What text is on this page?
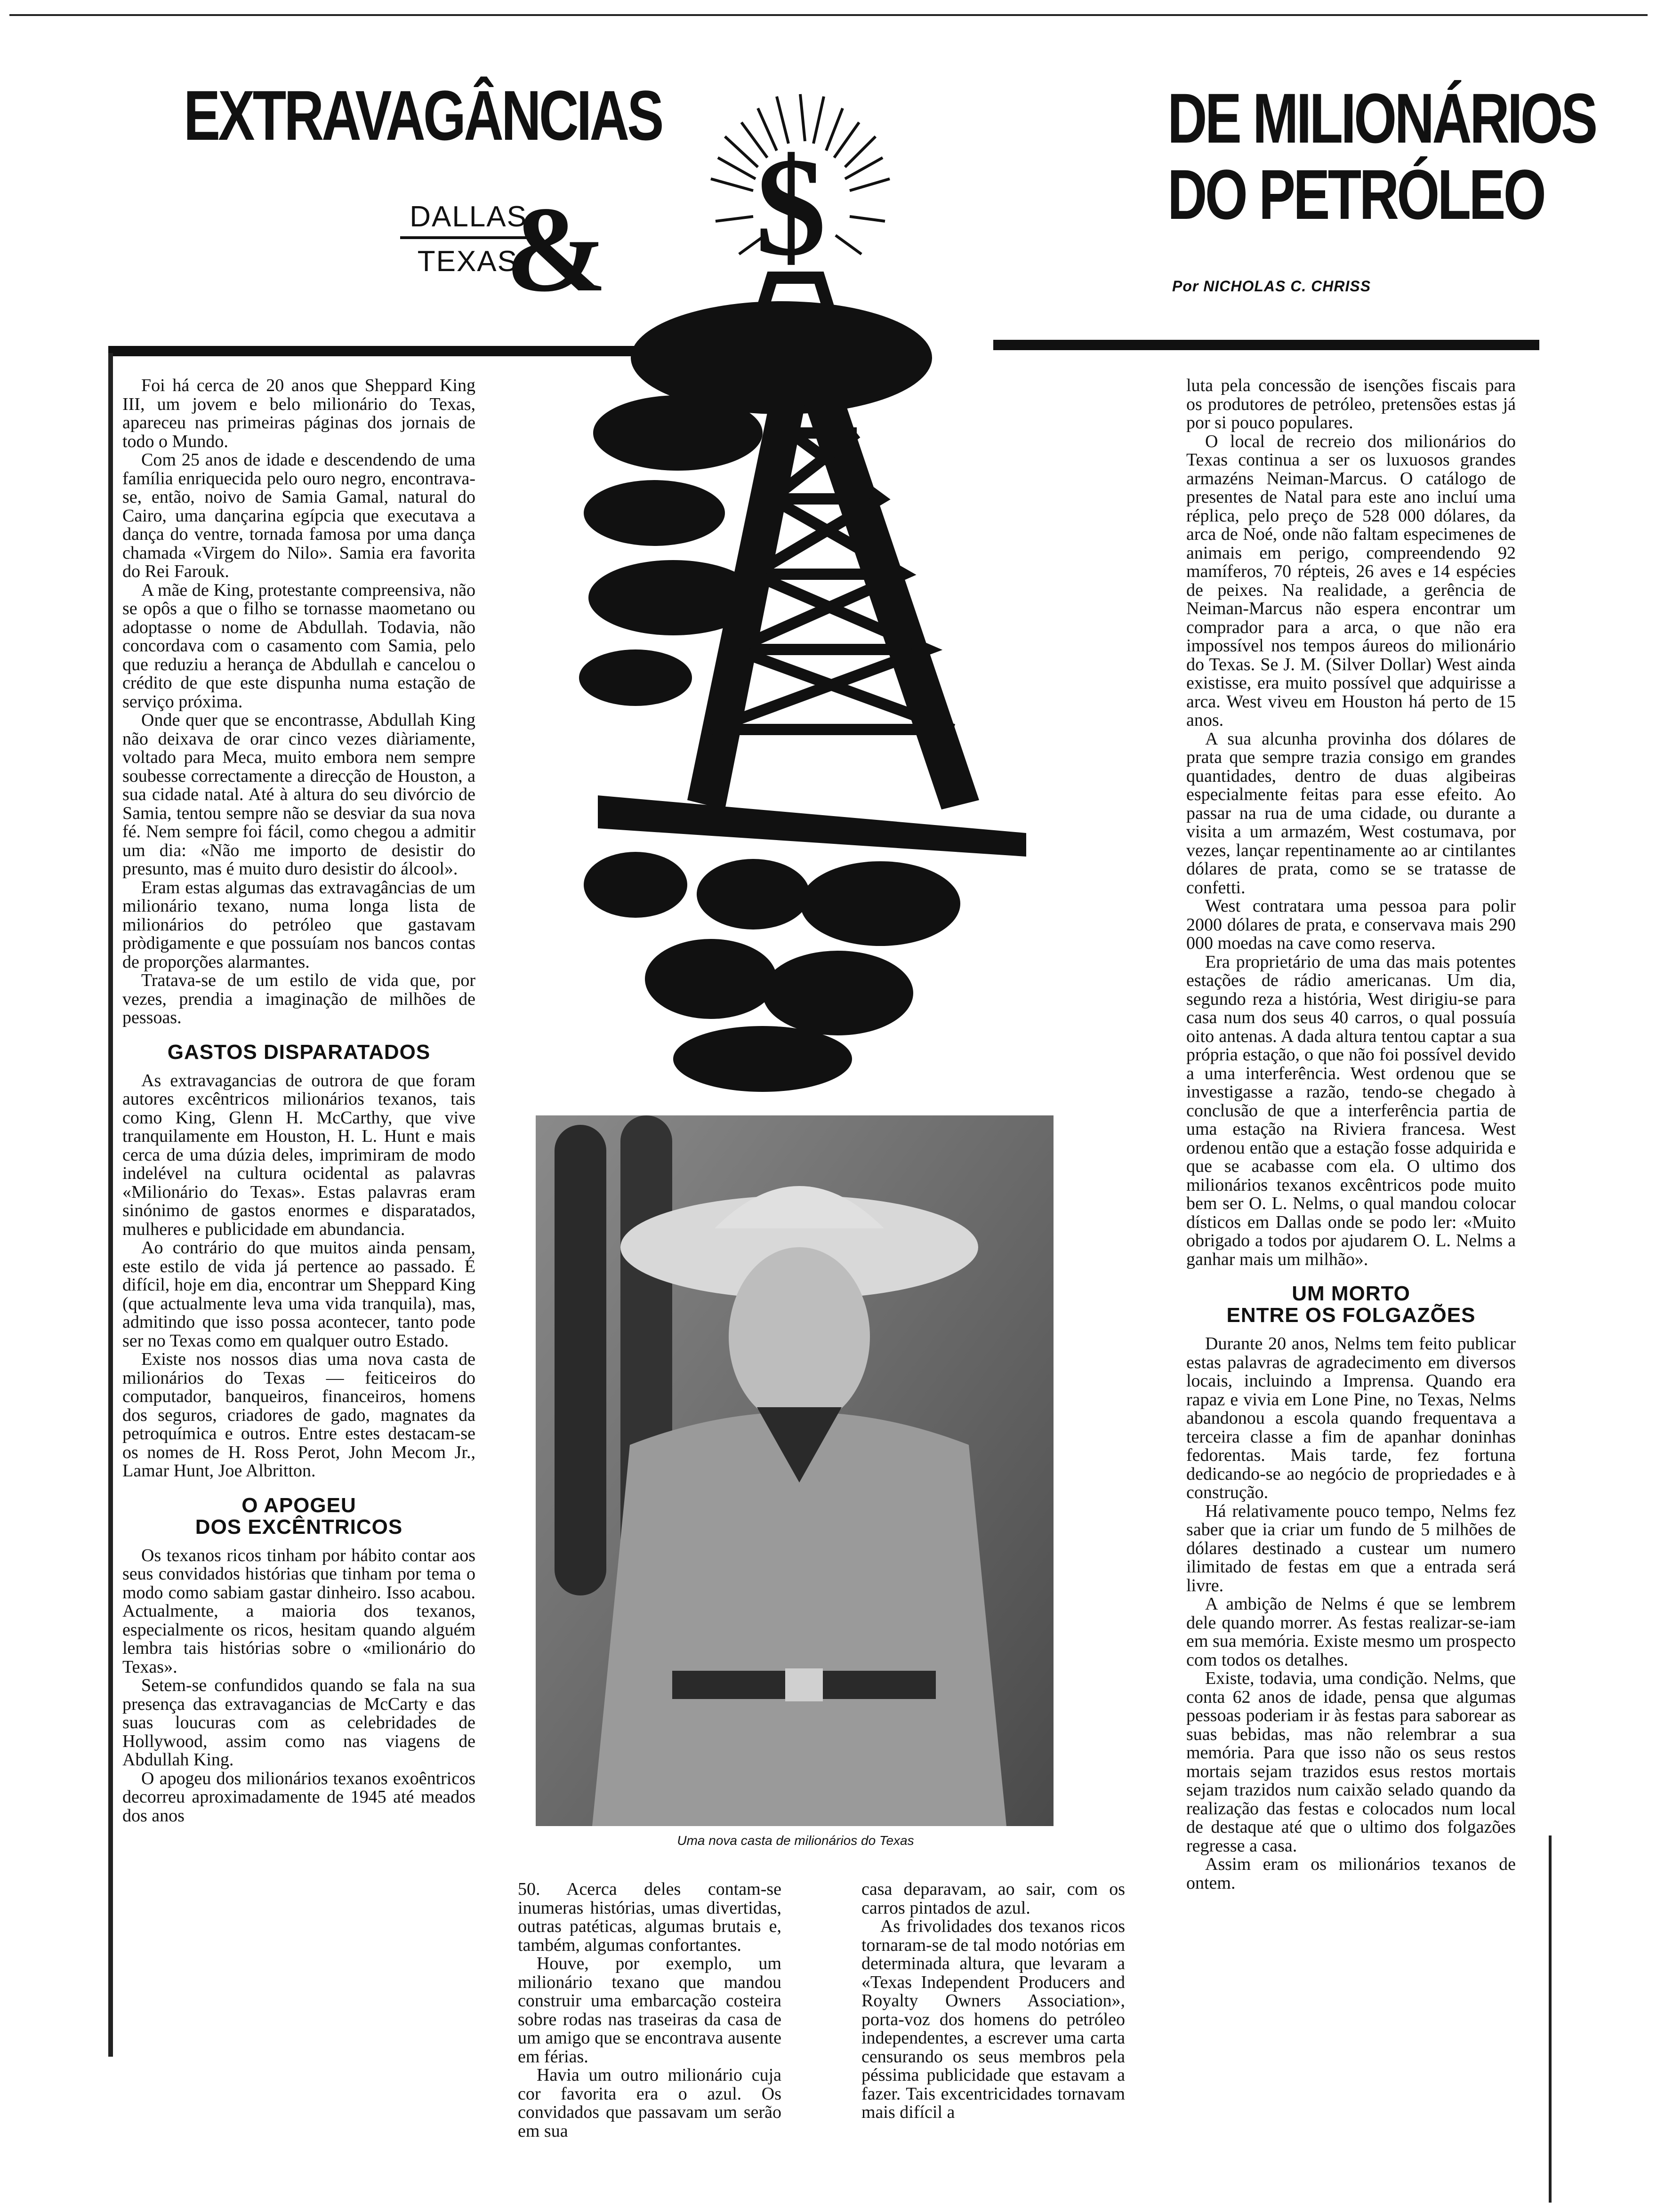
EXTRAVAGÂNCIAS	DE MILIONÁRIOS
DO PETRÓLEO
DALLAS
TEXAS
&	Por NICHOLAS C. CHRISS
$
Uma nova casta de milionários do Texas

Foi há cerca de 20 anos que Sheppard King III, um jovem e belo milionário do Texas, apareceu nas primeiras páginas dos jornais de todo o Mundo.

Com 25 anos de idade e descendendo de uma família enriquecida pelo ouro negro, encontrava-se, então, noivo de Samia Gamal, natural do Cairo, uma dançarina egípcia que executava a dança do ventre, tornada famosa por uma dança chamada «Virgem do Nilo». Samia era favorita do Rei Farouk.

A mãe de King, protestante compreensiva, não se opôs a que o filho se tornasse maometano ou adoptasse o nome de Abdullah. Todavia, não concordava com o casamento com Samia, pelo que reduziu a herança de Abdullah e cancelou o crédito de que este dispunha numa estação de serviço próxima.

Onde quer que se encontrasse, Abdullah King não deixava de orar cinco vezes diàriamente, voltado para Meca, muito embora nem sempre soubesse correctamente a direcção de Houston, a sua cidade natal. Até à altura do seu divórcio de Samia, tentou sempre não se desviar da sua nova fé. Nem sempre foi fácil, como chegou a admitir um dia: «Não me importo de desistir do presunto, mas é muito duro desistir do álcool».

Eram estas algumas das extravagâncias de um milionário texano, numa longa lista de milionários do petróleo que gastavam pròdigamente e que possuíam nos bancos contas de proporções alarmantes.

Tratava-se de um estilo de vida que, por vezes, prendia a imaginação de milhões de pessoas.

GASTOS DISPARATADOS

As extravagancias de outrora de que foram autores excêntricos milionários texanos, tais como King, Glenn H. McCarthy, que vive tranquilamente em Houston, H. L. Hunt e mais cerca de uma dúzia deles, imprimiram de modo indelével na cultura ocidental as palavras «Milionário do Texas». Estas palavras eram sinónimo de gastos enormes e disparatados, mulheres e publicidade em abundancia.

Ao contrário do que muitos ainda pensam, este estilo de vida já pertence ao passado. É difícil, hoje em dia, encontrar um Sheppard King (que actualmente leva uma vida tranquila), mas, admitindo que isso possa acontecer, tanto pode ser no Texas como em qualquer outro Estado.

Existe nos nossos dias uma nova casta de milionários do Texas — feiticeiros do computador, banqueiros, financeiros, homens dos seguros, criadores de gado, magnates da petroquímica e outros. Entre estes destacam-se os nomes de H. Ross Perot, John Mecom Jr., Lamar Hunt, Joe Albritton.

O APOGEU
DOS EXCÊNTRICOS

Os texanos ricos tinham por hábito contar aos seus convidados histórias que tinham por tema o modo como sabiam gastar dinheiro. Isso acabou. Actualmente, a maioria dos texanos, especialmente os ricos, hesitam quando alguém lembra tais histórias sobre o «milionário do Texas».

Setem-se confundidos quando se fala na sua presença das extravagancias de McCarty e das suas loucuras com as celebridades de Hollywood, assim como nas viagens de Abdullah King.

O apogeu dos milionários texanos exoêntricos decorreu aproximadamente de 1945 até meados dos anos

50. Acerca deles contam-se inumeras histórias, umas divertidas, outras patéticas, algumas brutais e, também, algumas confortantes.

Houve, por exemplo, um milionário texano que mandou construir uma embarcação costeira sobre rodas nas traseiras da casa de um amigo que se encontrava ausente em férias.

Havia um outro milionário cuja cor favorita era o azul. Os convidados que passavam um serão em sua

casa deparavam, ao sair, com os carros pintados de azul.

As frivolidades dos texanos ricos tornaram-se de tal modo notórias em determinada altura, que levaram a «Texas Independent Producers and Royalty Owners Association», porta-voz dos homens do petróleo independentes, a escrever uma carta censurando os seus membros pela péssima publicidade que estavam a fazer. Tais excentricidades tornavam mais difícil a

luta pela concessão de isenções fiscais para os produtores de petróleo, pretensões estas já por si pouco populares.

O local de recreio dos milionários do Texas continua a ser os luxuosos grandes armazéns Neiman-Marcus. O catálogo de presentes de Natal para este ano incluí uma réplica, pelo preço de 528 000 dólares, da arca de Noé, onde não faltam especimenes de animais em perigo, compreendendo 92 mamíferos, 70 répteis, 26 aves e 14 espécies de peixes. Na realidade, a gerência de Neiman-Marcus não espera encontrar um comprador para a arca, o que não era impossível nos tempos áureos do milionário do Texas. Se J. M. (Silver Dollar) West ainda existisse, era muito possível que adquirisse a arca. West viveu em Houston há perto de 15 anos.

A sua alcunha provinha dos dólares de prata que sempre trazia consigo em grandes quantidades, dentro de duas algibeiras especialmente feitas para esse efeito. Ao passar na rua de uma cidade, ou durante a visita a um armazém, West costumava, por vezes, lançar repentinamente ao ar cintilantes dólares de prata, como se se tratasse de confetti.

West contratara uma pessoa para polir 2000 dólares de prata, e conservava mais 290 000 moedas na cave como reserva.

Era proprietário de uma das mais potentes estações de rádio americanas. Um dia, segundo reza a história, West dirigiu-se para casa num dos seus 40 carros, o qual possuía oito antenas. A dada altura tentou captar a sua própria estação, o que não foi possível devido a uma interferência. West ordenou que se investigasse a razão, tendo-se chegado à conclusão de que a interferência partia de uma estação na Riviera francesa. West ordenou então que a estação fosse adquirida e que se acabasse com ela. O ultimo dos milionários texanos excêntricos pode muito bem ser O. L. Nelms, o qual mandou colocar dísticos em Dallas onde se podo ler: «Muito obrigado a todos por ajudarem O. L. Nelms a ganhar mais um milhão».

UM MORTO
ENTRE OS FOLGAZÕES

Durante 20 anos, Nelms tem feito publicar estas palavras de agradecimento em diversos locais, incluindo a Imprensa. Quando era rapaz e vivia em Lone Pine, no Texas, Nelms abandonou a escola quando frequentava a terceira classe a fim de apanhar doninhas fedorentas. Mais tarde, fez fortuna dedicando-se ao negócio de propriedades e à construção.

Há relativamente pouco tempo, Nelms fez saber que ia criar um fundo de 5 milhões de dólares destinado a custear um numero ilimitado de festas em que a entrada será livre.

A ambição de Nelms é que se lembrem dele quando morrer. As festas realizar-se-iam em sua memória. Existe mesmo um prospecto com todos os detalhes.

Existe, todavia, uma condição. Nelms, que conta 62 anos de idade, pensa que algumas pessoas poderiam ir às festas para saborear as suas bebidas, mas não relembrar a sua memória. Para que isso não os seus restos mortais sejam trazidos esus restos mortais sejam trazidos num caixão selado quando da realização das festas e colocados num local de destaque até que o ultimo dos folgazões regresse a casa.

Assim eram os milionários texanos de ontem.
